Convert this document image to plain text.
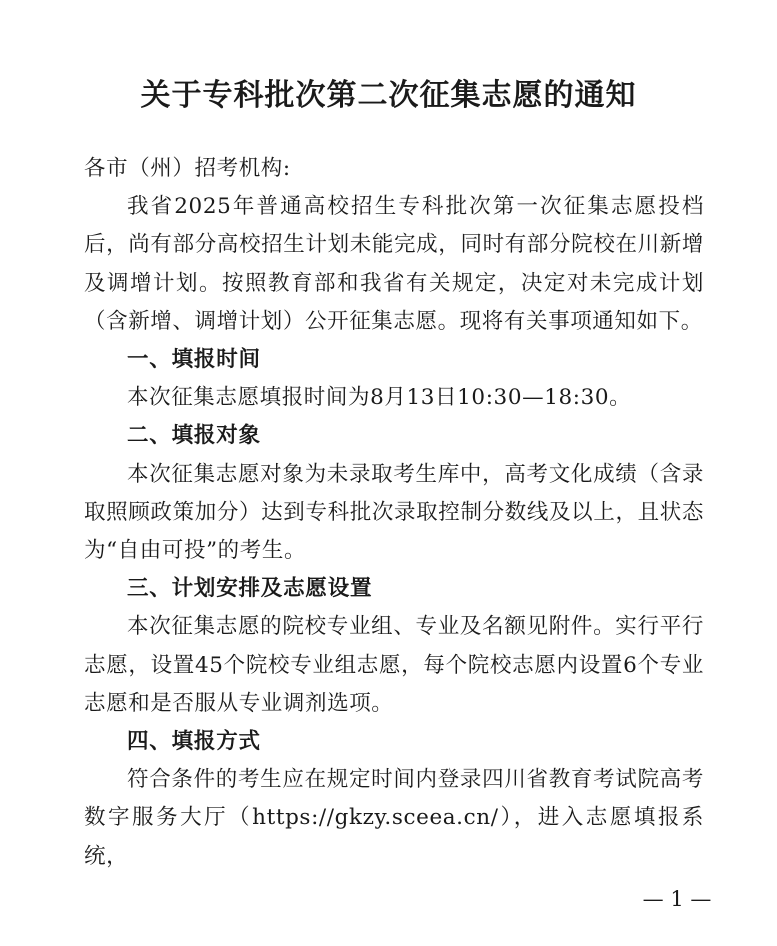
关于专科批次第二次征集志愿的通知

各市（州）招考机构:

我省2025年普通高校招生专科批次第一次征集志愿投档后，尚有部分高校招生计划未能完成，同时有部分院校在川新增及调增计划。按照教育部和我省有关规定，决定对未完成计划（含新增、调增计划）公开征集志愿。现将有关事项通知如下。

一、填报时间

本次征集志愿填报时间为8月13日10:30—18:30。

二、填报对象

本次征集志愿对象为未录取考生库中，高考文化成绩（含录取照顾政策加分）达到专科批次录取控制分数线及以上，且状态为“自由可投”的考生。

三、计划安排及志愿设置

本次征集志愿的院校专业组、专业及名额见附件。实行平行志愿，设置45个院校专业组志愿，每个院校志愿内设置6个专业志愿和是否服从专业调剂选项。

四、填报方式

符合条件的考生应在规定时间内登录四川省教育考试院高考数字服务大厅（https://gkzy.sceea.cn/），进入志愿填报系统，

— 1 —
